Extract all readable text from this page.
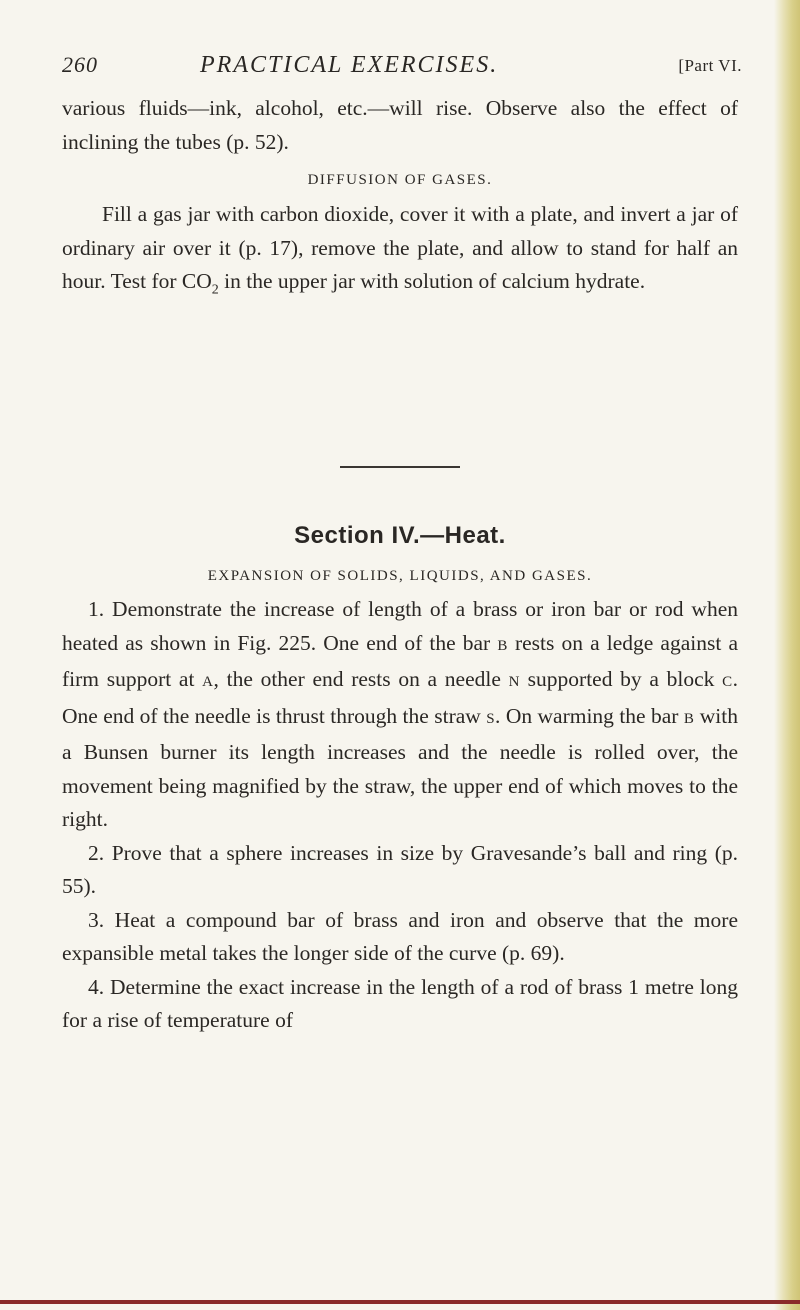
260	PRACTICAL EXERCISES.	[Part VI.

various fluids—ink, alcohol, etc.—will rise. Observe also the effect of inclining the tubes (p. 52).

DIFFUSION OF GASES.

Fill a gas jar with carbon dioxide, cover it with a plate, and invert a jar of ordinary air over it (p. 17), remove the plate, and allow to stand for half an hour. Test for $CO_2$ in the upper jar with solution of calcium hydrate.

Section IV.—Heat.

EXPANSION OF SOLIDS, LIQUIDS, AND GASES.

1. Demonstrate the increase of length of a brass or iron bar or rod when heated as shown in Fig. 225. One end of the bar B rests on a ledge against a firm support at A, the other end rests on a needle N supported by a block C. One end of the needle is thrust through the straw S. On warming the bar B with a Bunsen burner its length increases and the needle is rolled over, the movement being magnified by the straw, the upper end of which moves to the right.

2. Prove that a sphere increases in size by Gravesande’s ball and ring (p. 55).

3. Heat a compound bar of brass and iron and observe that the more expansible metal takes the longer side of the curve (p. 69).

4. Determine the exact increase in the length of a rod of brass 1 metre long for a rise of temperature of
